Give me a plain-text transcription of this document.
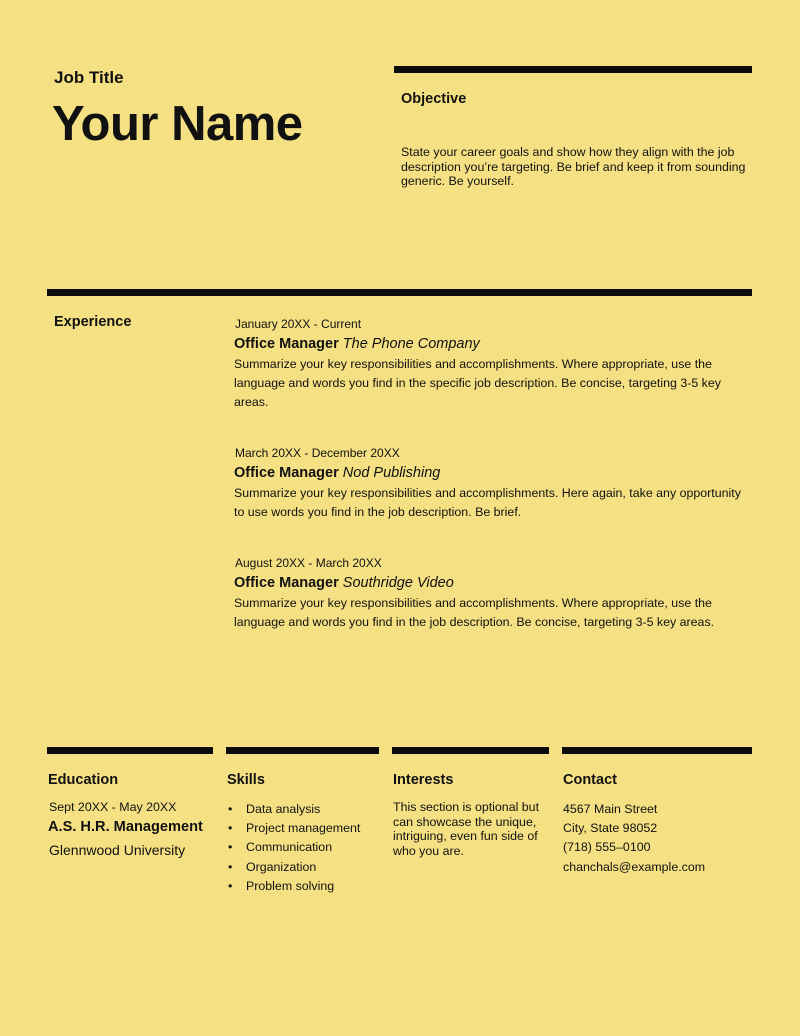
Job Title
Your Name	Objective
State your career goals and show how they align with the job description you’re targeting. Be brief and keep it from sounding generic. Be yourself.
Experience	January 20XX - Current
Office Manager The Phone Company
Summarize your key responsibilities and accomplishments. Where appropriate, use the language and words you find in the specific job description. Be concise, targeting 3-5 key areas.
March 20XX - December 20XX
Office Manager Nod Publishing
Summarize your key responsibilities and accomplishments. Here again, take any opportunity to use words you find in the job description. Be brief.
August 20XX - March 20XX
Office Manager Southridge Video
Summarize your key responsibilities and accomplishments. Where appropriate, use the language and words you find in the job description. Be concise, targeting 3-5 key areas.
Education
Sept 20XX - May 20XX
A.S. H.R. Management
Glennwood University
Skills
• Data analysis
• Project management
• Communication
• Organization
• Problem solving
Interests
This section is optional but can showcase the unique, intriguing, even fun side of who you are.
Contact
4567 Main Street
City, State 98052
(718) 555–0100
chanchals@example.com
